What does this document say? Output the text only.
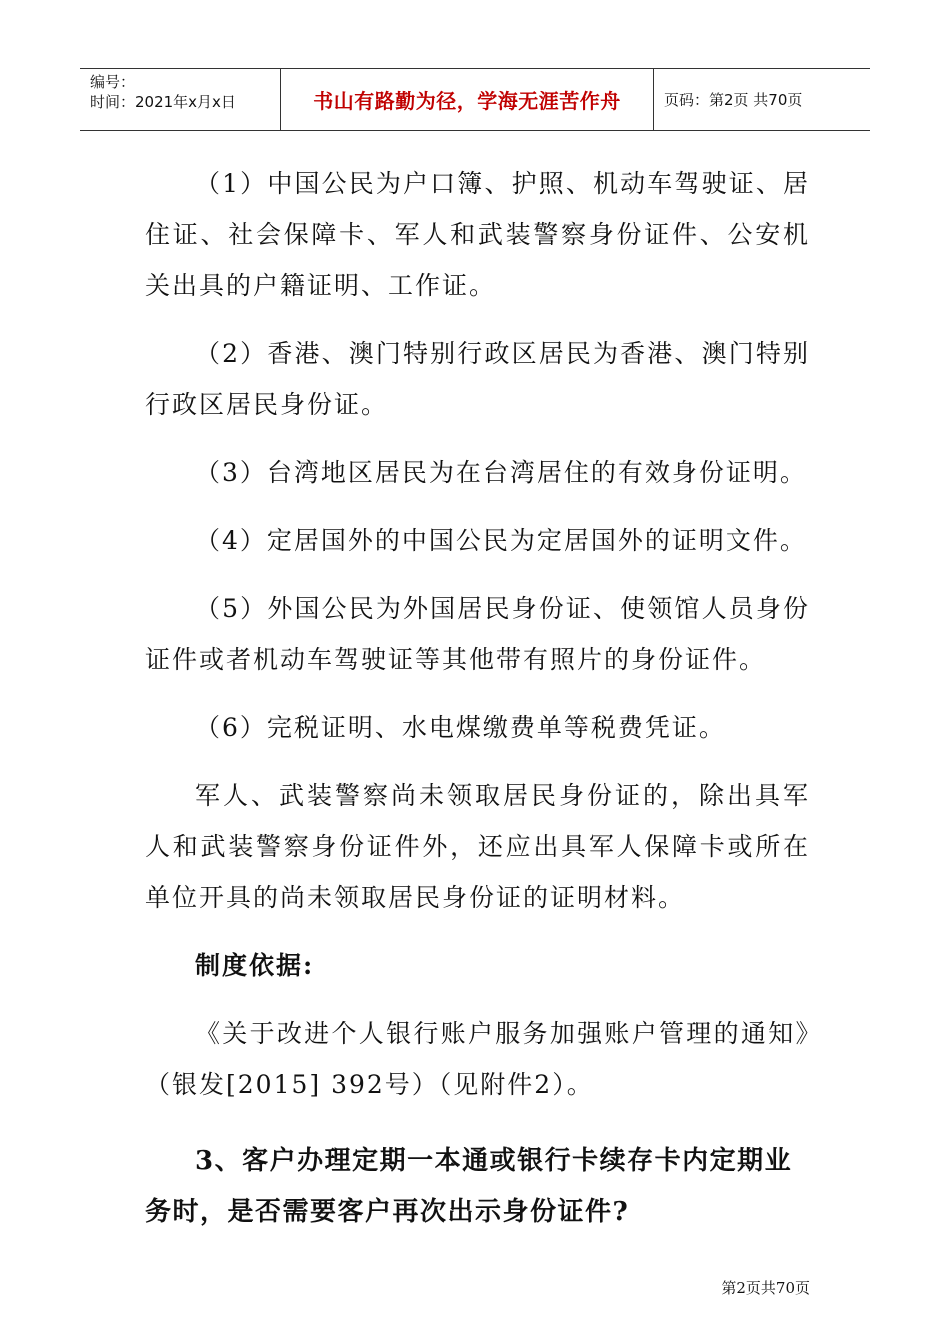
编号：
时间：2021年x月x日	书山有路勤为径，学海无涯苦作舟	页码：第2页 共70页

（1）中国公民为户口簿、护照、机动车驾驶证、居住证、社会保障卡、军人和武装警察身份证件、公安机关出具的户籍证明、工作证。

（2）香港、澳门特别行政区居民为香港、澳门特别行政区居民身份证。

（3）台湾地区居民为在台湾居住的有效身份证明。

（4）定居国外的中国公民为定居国外的证明文件。

（5）外国公民为外国居民身份证、使领馆人员身份证件或者机动车驾驶证等其他带有照片的身份证件。

（6）完税证明、水电煤缴费单等税费凭证。

军人、武装警察尚未领取居民身份证的，除出具军人和武装警察身份证件外，还应出具军人保障卡或所在单位开具的尚未领取居民身份证的证明材料。

制度依据:

《关于改进个人银行账户服务加强账户管理的通知》（银发[2015] 392号）（见附件2）。

3、客户办理定期一本通或银行卡续存卡内定期业务时，是否需要客户再次出示身份证件?

第2页共70页
